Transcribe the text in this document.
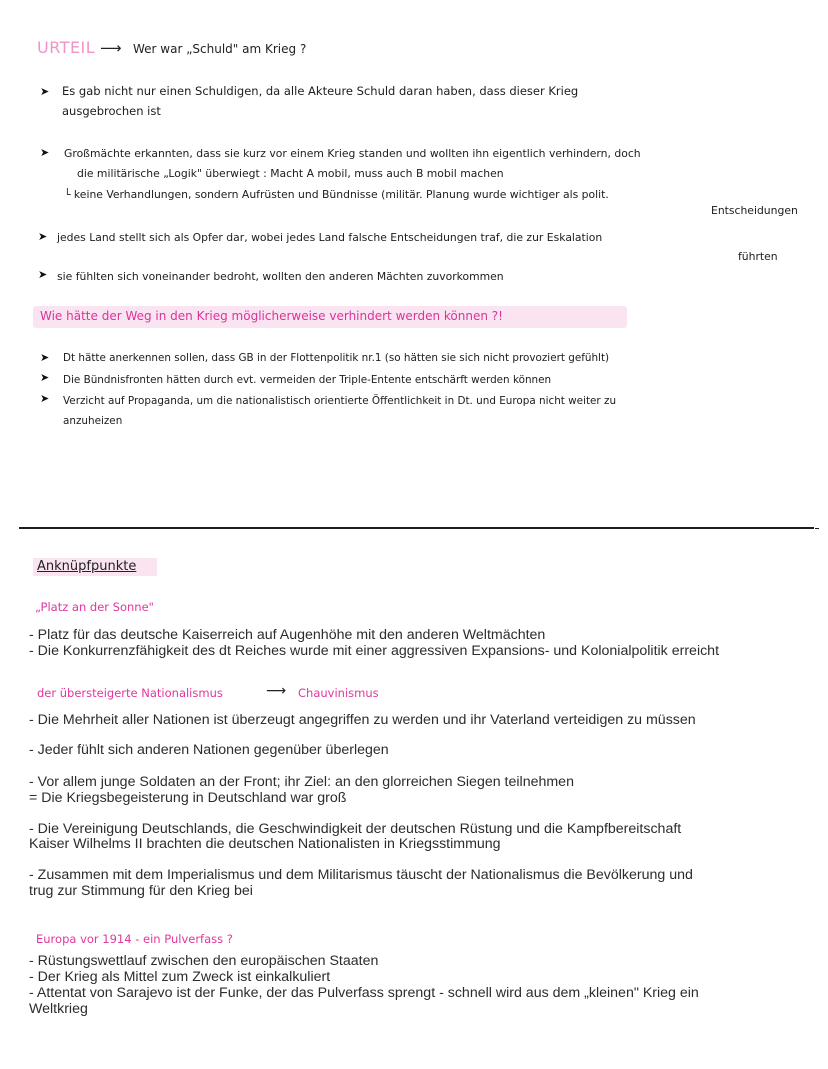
URTEIL ⟶ Wer war „Schuld" am Krieg ?
➤ Es gab nicht nur einen Schuldigen, da alle Akteure Schuld daran haben, dass dieser Krieg
ausgebrochen ist
➤ Großmächte erkannten, dass sie kurz vor einem Krieg standen und wollten ihn eigentlich verhindern, doch
die militärische „Logik" überwiegt : Macht A mobil, muss auch B mobil machen
└ keine Verhandlungen, sondern Aufrüsten und Bündnisse (militär. Planung wurde wichtiger als polit.
Entscheidungen
➤ jedes Land stellt sich als Opfer dar, wobei jedes Land falsche Entscheidungen traf, die zur Eskalation
führten
➤ sie fühlten sich voneinander bedroht, wollten den anderen Mächten zuvorkommen
Wie hätte der Weg in den Krieg möglicherweise verhindert werden können ?!
➤ Dt hätte anerkennen sollen, dass GB in der Flottenpolitik nr.1 (so hätten sie sich nicht provoziert gefühlt)
➤ Die Bündnisfronten hätten durch evt. vermeiden der Triple-Entente entschärft werden können
➤ Verzicht auf Propaganda, um die nationalistisch orientierte Öffentlichkeit in Dt. und Europa nicht weiter zu
anzuheizen
Anknüpfpunkte
„Platz an der Sonne"
- Platz für das deutsche Kaiserreich auf Augenhöhe mit den anderen Weltmächten
- Die Konkurrenzfähigkeit des dt Reiches wurde mit einer aggressiven Expansions- und Kolonialpolitik erreicht
der übersteigerte Nationalismus	⟶ Chauvinismus
- Die Mehrheit aller Nationen ist überzeugt angegriffen zu werden und ihr Vaterland verteidigen zu müssen
- Jeder fühlt sich anderen Nationen gegenüber überlegen
- Vor allem junge Soldaten an der Front; ihr Ziel: an den glorreichen Siegen teilnehmen
= Die Kriegsbegeisterung in Deutschland war groß
- Die Vereinigung Deutschlands, die Geschwindigkeit der deutschen Rüstung und die Kampfbereitschaft
Kaiser Wilhelms II brachten die deutschen Nationalisten in Kriegsstimmung
- Zusammen mit dem Imperialismus und dem Militarismus täuscht der Nationalismus die Bevölkerung und
trug zur Stimmung für den Krieg bei
Europa vor 1914 - ein Pulverfass ?
- Rüstungswettlauf zwischen den europäischen Staaten
- Der Krieg als Mittel zum Zweck ist einkalkuliert
- Attentat von Sarajevo ist der Funke, der das Pulverfass sprengt - schnell wird aus dem „kleinen" Krieg ein
Weltkrieg
